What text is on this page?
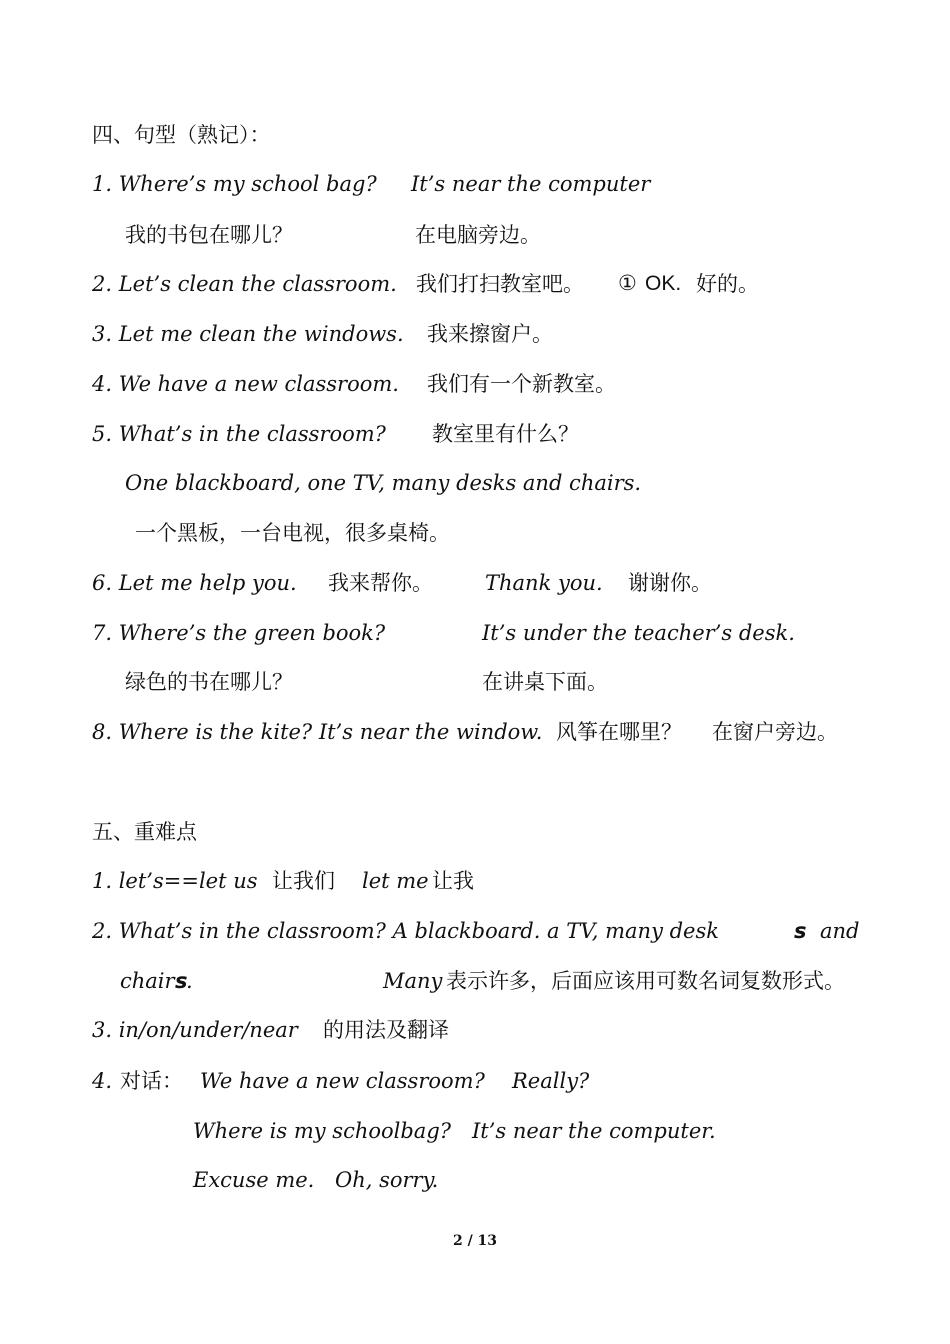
四、句型（熟记）：
1. Where’s my school bag? It’s near the computer
我的书包在哪儿？	在电脑旁边。
2. Let’s clean the classroom. 我们打扫教室吧。 ① OK. 好的。
3. Let me clean the windows. 我来擦窗户。
4. We have a new classroom. 我们有一个新教室。
5. What’s in the classroom? 教室里有什么？
One blackboard, one TV, many desks and chairs.
一个黑板，一台电视，很多桌椅。
6. Let me help you. 我来帮你。 Thank you. 谢谢你。
7. Where’s the green book?	It’s under the teacher’s desk.
绿色的书在哪儿？	在讲桌下面。
8. Where is the kite? It’s near the window. 风筝在哪里？ 在窗户旁边。
五、重难点
1. let’s==let us 让我们 let me 让我
2. What’s in the classroom? A blackboard. a TV, many desk	s and
chair s
.	Many 表示许多，后面应该用可数名词复数形式。
3. in/on/under/near 的用法及翻译
4. 对话： We have a new classroom? Really?
Where is my schoolbag? It’s near the computer.
Excuse me. Oh, sorry.
2 / 13
